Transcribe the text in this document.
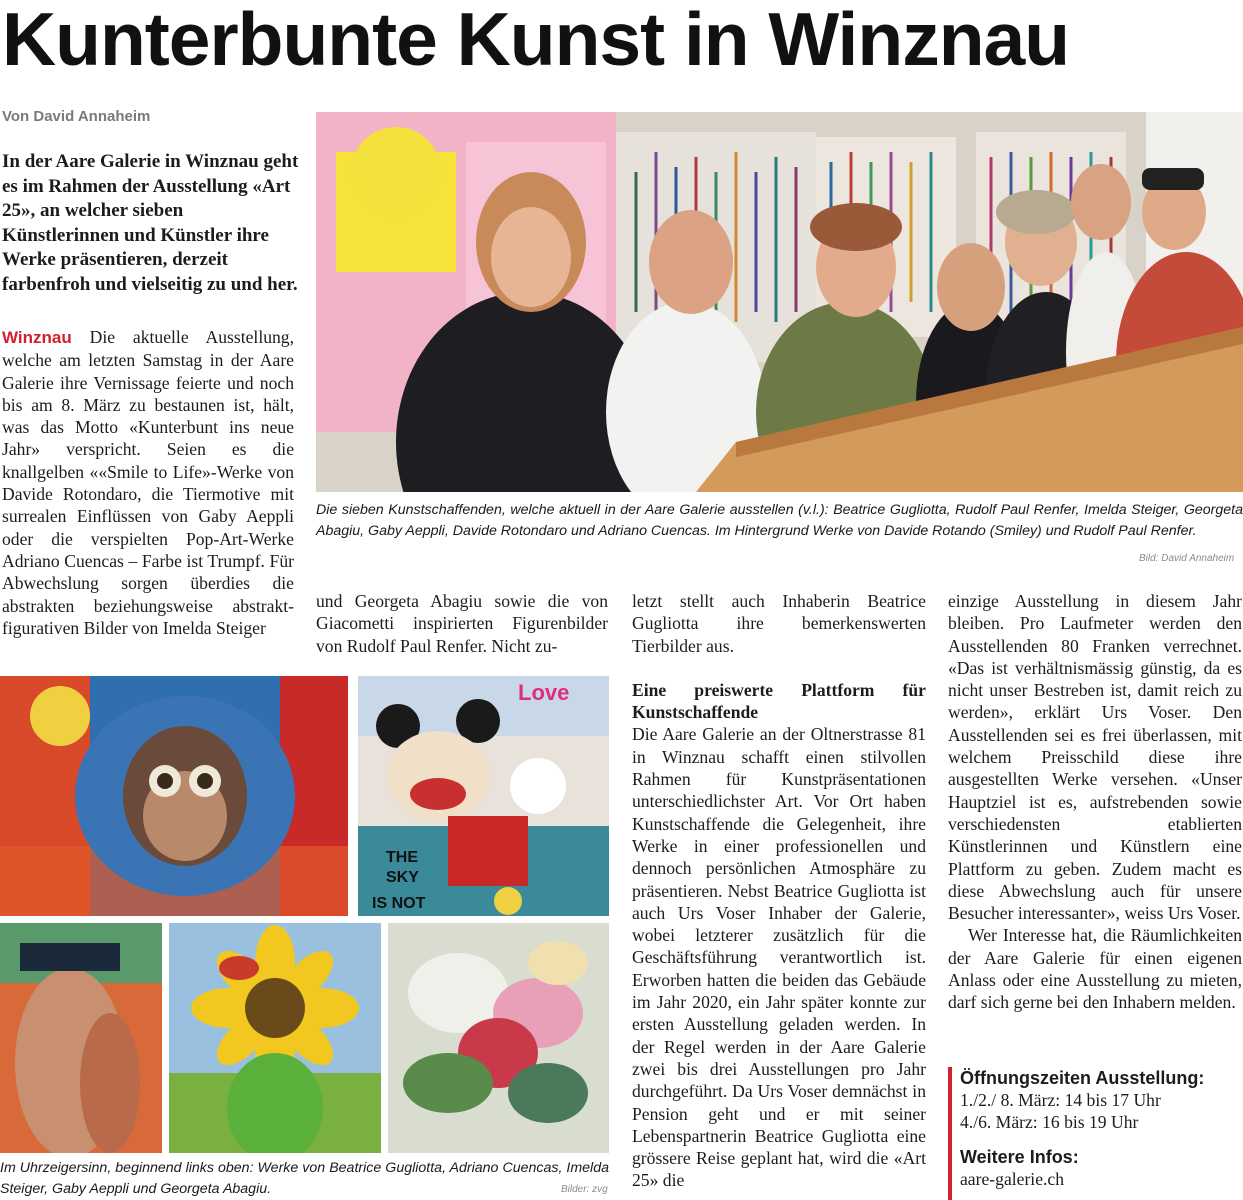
Kunterbunte Kunst in Winznau
Von David Annaheim
In der Aare Galerie in Winznau geht es im Rahmen der Ausstellung «Art 25», an welcher sieben Künstlerinnen und Künstler ihre Werke präsentieren, derzeit farbenfroh und vielseitig zu und her.
Winznau Die aktuelle Ausstellung, welche am letzten Samstag in der Aare Galerie ihre Vernissage feierte und noch bis am 8. März zu bestaunen ist, hält, was das Motto «Kunterbunt ins neue Jahr» verspricht. Seien es die knallgelben ««Smile to Life»-Werke von Davide Rotondaro, die Tiermotive mit surrealen Einflüssen von Gaby Aeppli oder die verspielten Pop-Art-Werke Adriano Cuencas – Farbe ist Trumpf. Für Abwechslung sorgen überdies die abstrakten beziehungsweise abstrakt-figurativen Bilder von Imelda Steiger
Die sieben Kunstschaffenden, welche aktuell in der Aare Galerie ausstellen (v.l.): Beatrice Gugliotta, Rudolf Paul Renfer, Imelda Steiger, Georgeta Abagiu, Gaby Aeppli, Davide Rotondaro und Adriano Cuencas. Im Hintergrund Werke von Davide Rotando (Smiley) und Rudolf Paul Renfer.
Bild: David Annaheim
und Georgeta Abagiu sowie die von Giacometti inspirierten Figurenbilder von Rudolf Paul Renfer. Nicht zu-

letzt stellt auch Inhaberin Beatrice Gugliotta ihre bemerkenswerten Tierbilder aus.

Eine preiswerte Plattform für Kunstschaffende

Die Aare Galerie an der Oltnerstrasse 81 in Winznau schafft einen stilvollen Rahmen für Kunstpräsentationen unterschiedlichster Art. Vor Ort haben Kunstschaffende die Gelegenheit, ihre Werke in einer professionellen und dennoch persönlichen Atmosphäre zu präsentieren. Nebst Beatrice Gugliotta ist auch Urs Voser Inhaber der Galerie, wobei letzterer zusätzlich für die Geschäftsführung verantwortlich ist. Erworben hatten die beiden das Gebäude im Jahr 2020, ein Jahr später konnte zur ersten Ausstellung geladen werden. In der Regel werden in der Aare Galerie zwei bis drei Ausstellungen pro Jahr durchgeführt. Da Urs Voser demnächst in Pension geht und er mit seiner Lebenspartnerin Beatrice Gugliotta eine grössere Reise geplant hat, wird die «Art 25» die

einzige Ausstellung in diesem Jahr bleiben. Pro Laufmeter werden den Ausstellenden 80 Franken verrechnet. «Das ist verhältnismässig günstig, da es nicht unser Bestreben ist, damit reich zu werden», erklärt Urs Voser. Den Ausstellenden sei es frei überlassen, mit welchem Preisschild diese ihre ausgestellten Werke versehen. «Unser Hauptziel ist es, aufstrebenden sowie verschiedensten etablierten Künstlerinnen und Künstlern eine Plattform zu geben. Zudem macht es diese Abwechslung auch für unsere Besucher interessanter», weiss Urs Voser.

Wer Interesse hat, die Räumlichkeiten der Aare Galerie für einen eigenen Anlass oder eine Ausstellung zu mieten, darf sich gerne bei den Inhabern melden.

Öffnungszeiten Ausstellung:
1./2./ 8. März: 14 bis 17 Uhr
4./6. März: 16 bis 19 Uhr
Weitere Infos:
aare-galerie.ch
Love
THE
SKY
IS NOT
Im Uhrzeigersinn, beginnend links oben: Werke von Beatrice Gugliotta, Adriano Cuencas, Imelda Steiger, Gaby Aeppli und Georgeta Abagiu.	Bilder: zvg
